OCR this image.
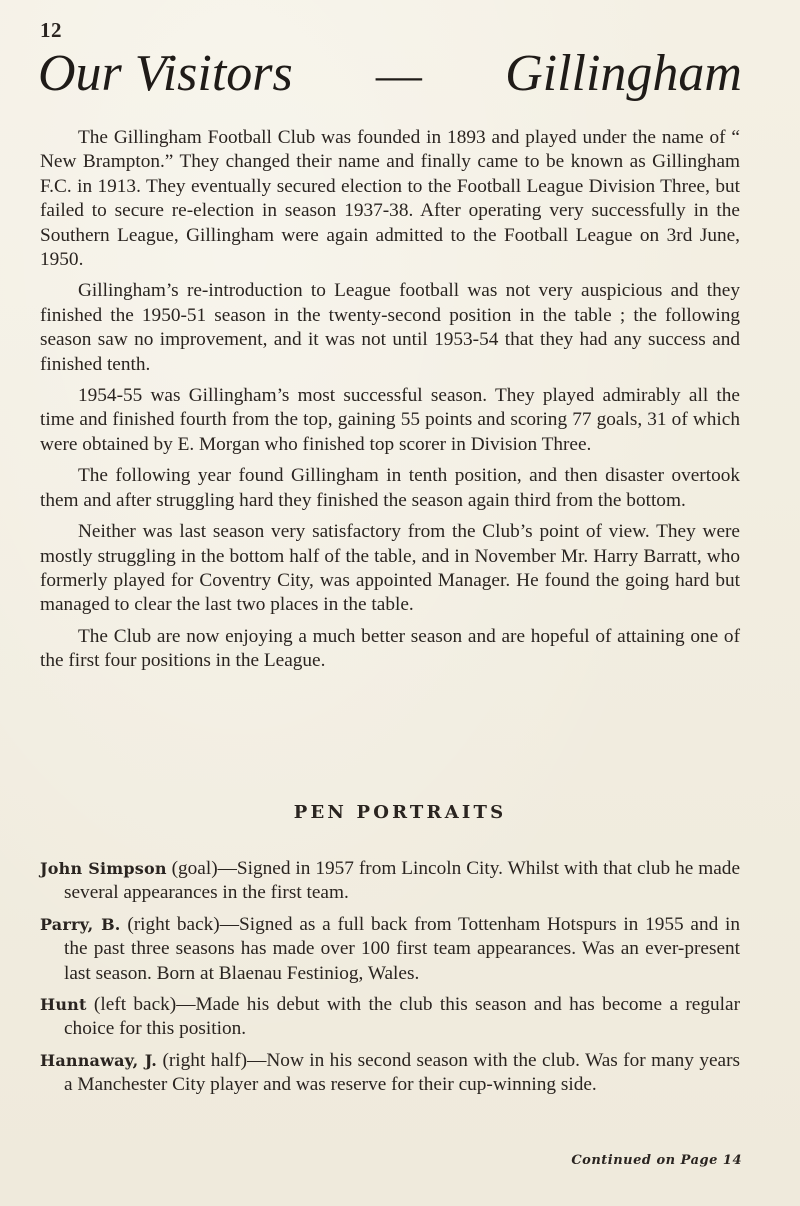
12
Our Visitors — Gillingham

The Gillingham Football Club was founded in 1893 and played under the name of “ New Brampton.” They changed their name and finally came to be known as Gillingham F.C. in 1913. They eventually secured election to the Football League Division Three, but failed to secure re-election in season 1937-38. After operating very successfully in the Southern League, Gillingham were again admitted to the Football League on 3rd June, 1950.

Gillingham’s re-introduction to League football was not very auspicious and they finished the 1950-51 season in the twenty-second position in the table ; the following season saw no improvement, and it was not until 1953-54 that they had any success and finished tenth.

1954-55 was Gillingham’s most successful season. They played admirably all the time and finished fourth from the top, gaining 55 points and scoring 77 goals, 31 of which were obtained by E. Morgan who finished top scorer in Division Three.

The following year found Gillingham in tenth position, and then disaster overtook them and after struggling hard they finished the season again third from the bottom.

Neither was last season very satisfactory from the Club’s point of view. They were mostly struggling in the bottom half of the table, and in November Mr. Harry Barratt, who formerly played for Coventry City, was appointed Manager. He found the going hard but managed to clear the last two places in the table.

The Club are now enjoying a much better season and are hopeful of attaining one of the first four positions in the League.

PEN PORTRAITS
John Simpson (goal)—Signed in 1957 from Lincoln City. Whilst with that club he made several appearances in the first team.
Parry, B. (right back)—Signed as a full back from Tottenham Hotspurs in 1955 and in the past three seasons has made over 100 first team appearances. Was an ever-present last season. Born at Blaenau Festiniog, Wales.
Hunt (left back)—Made his debut with the club this season and has become a regular choice for this position.
Hannaway, J. (right half)—Now in his second season with the club. Was for many years a Manchester City player and was reserve for their cup-winning side.
Continued on Page 14
